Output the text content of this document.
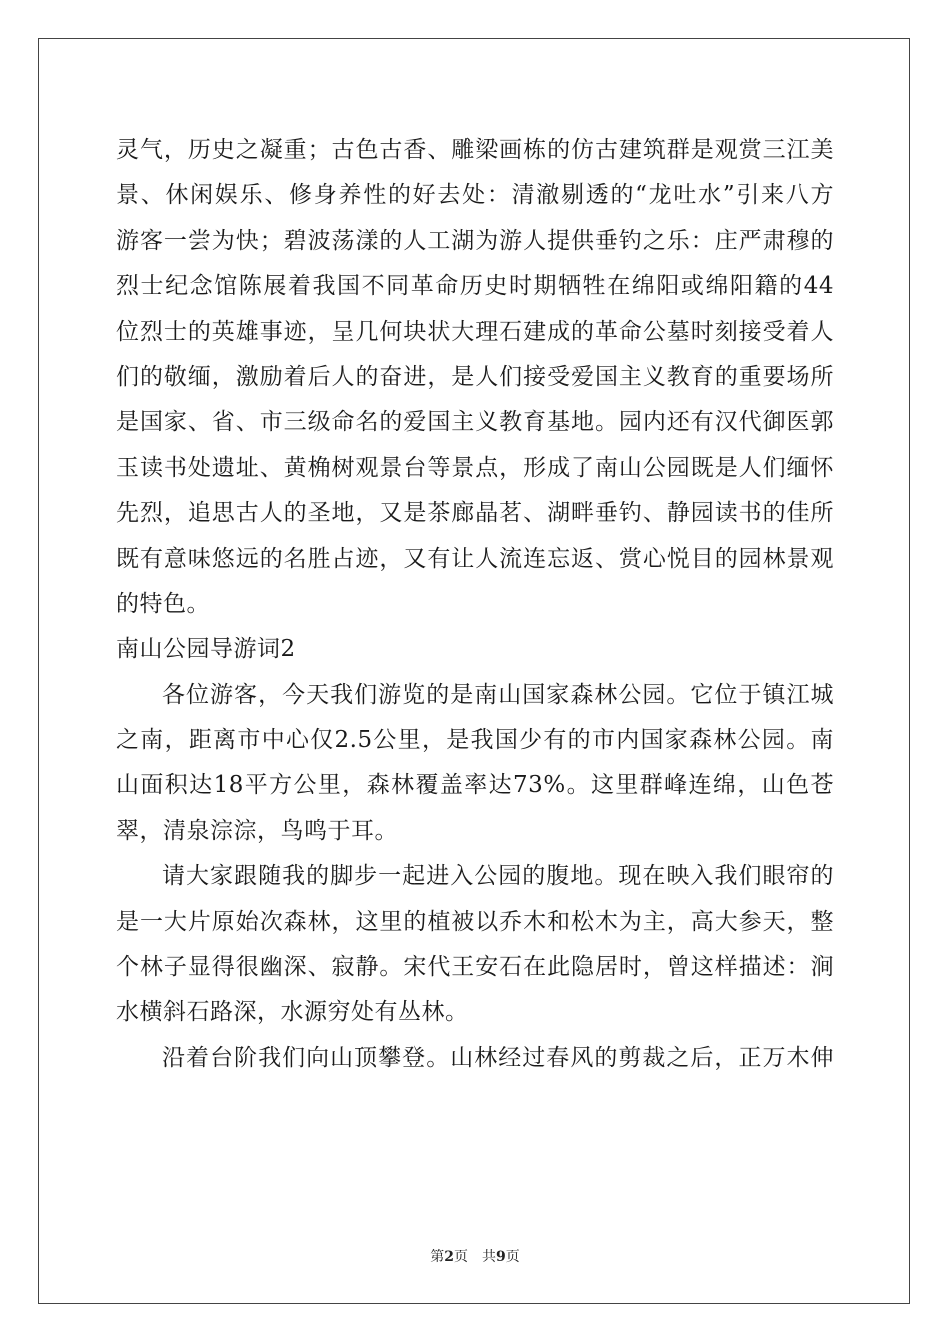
灵气，历史之凝重；古色古香、雕梁画栋的仿古建筑群是观赏三江美
景、休闲娱乐、修身养性的好去处：清澈剔透的“龙吐水”引来八方
游客一尝为快；碧波荡漾的人工湖为游人提供垂钓之乐：庄严肃穆的
烈士纪念馆陈展着我国不同革命历史时期牺牲在绵阳或绵阳籍的44
位烈士的英雄事迹，呈几何块状大理石建成的革命公墓时刻接受着人
们的敬缅，激励着后人的奋进，是人们接受爱国主义教育的重要场所
是国家、省、市三级命名的爱国主义教育基地。园内还有汉代御医郭
玉读书处遗址、黄桷树观景台等景点，形成了南山公园既是人们缅怀
先烈，追思古人的圣地，又是茶廊晶茗、湖畔垂钓、静园读书的佳所
既有意味悠远的名胜占迹，又有让人流连忘返、赏心悦目的园林景观
的特色。
南山公园导游词2
各位游客，今天我们游览的是南山国家森林公园。它位于镇江城
之南，距离市中心仅2.5公里，是我国少有的市内国家森林公园。南
山面积达18平方公里，森林覆盖率达73%。这里群峰连绵，山色苍
翠，清泉淙淙，鸟鸣于耳。
请大家跟随我的脚步一起进入公园的腹地。现在映入我们眼帘的
是一大片原始次森林，这里的植被以乔木和松木为主，高大参天，整
个林子显得很幽深、寂静。宋代王安石在此隐居时，曾这样描述：涧
水横斜石路深，水源穷处有丛林。
沿着台阶我们向山顶攀登。山林经过春风的剪裁之后，正万木伸
第2页　共9页
